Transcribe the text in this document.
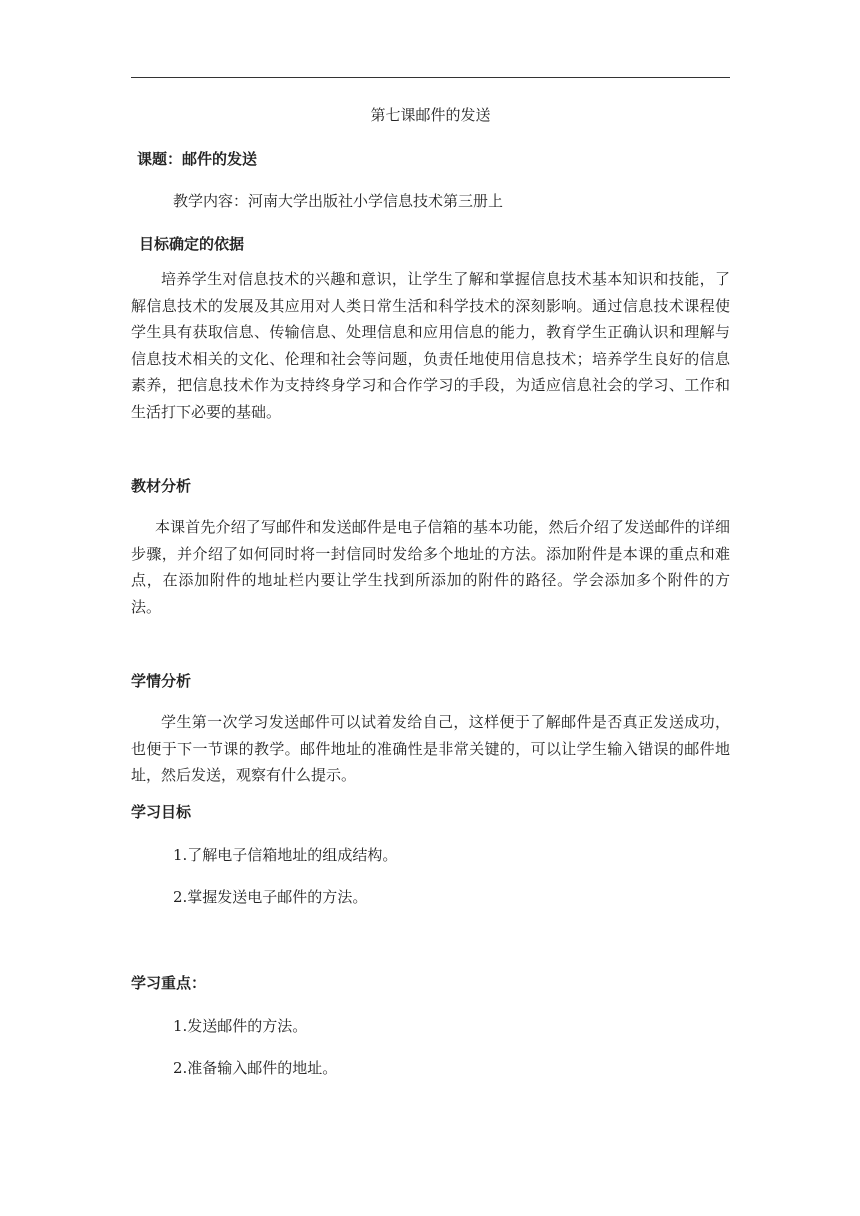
第七课邮件的发送

课题：邮件的发送

教学内容：河南大学出版社小学信息技术第三册上

目标确定的依据

培养学生对信息技术的兴趣和意识，让学生了解和掌握信息技术基本知识和技能，了解信息技术的发展及其应用对人类日常生活和科学技术的深刻影响。通过信息技术课程使学生具有获取信息、传输信息、处理信息和应用信息的能力，教育学生正确认识和理解与信息技术相关的文化、伦理和社会等问题，负责任地使用信息技术；培养学生良好的信息素养，把信息技术作为支持终身学习和合作学习的手段，为适应信息社会的学习、工作和生活打下必要的基础。

教材分析

本课首先介绍了写邮件和发送邮件是电子信箱的基本功能，然后介绍了发送邮件的详细步骤，并介绍了如何同时将一封信同时发给多个地址的方法。添加附件是本课的重点和难点，在添加附件的地址栏内要让学生找到所添加的附件的路径。学会添加多个附件的方法。

学情分析

学生第一次学习发送邮件可以试着发给自己，这样便于了解邮件是否真正发送成功，也便于下一节课的教学。邮件地址的准确性是非常关键的，可以让学生输入错误的邮件地址，然后发送，观察有什么提示。

学习目标

1.了解电子信箱地址的组成结构。

2.掌握发送电子邮件的方法。

学习重点：

1.发送邮件的方法。

2.准备输入邮件的地址。
